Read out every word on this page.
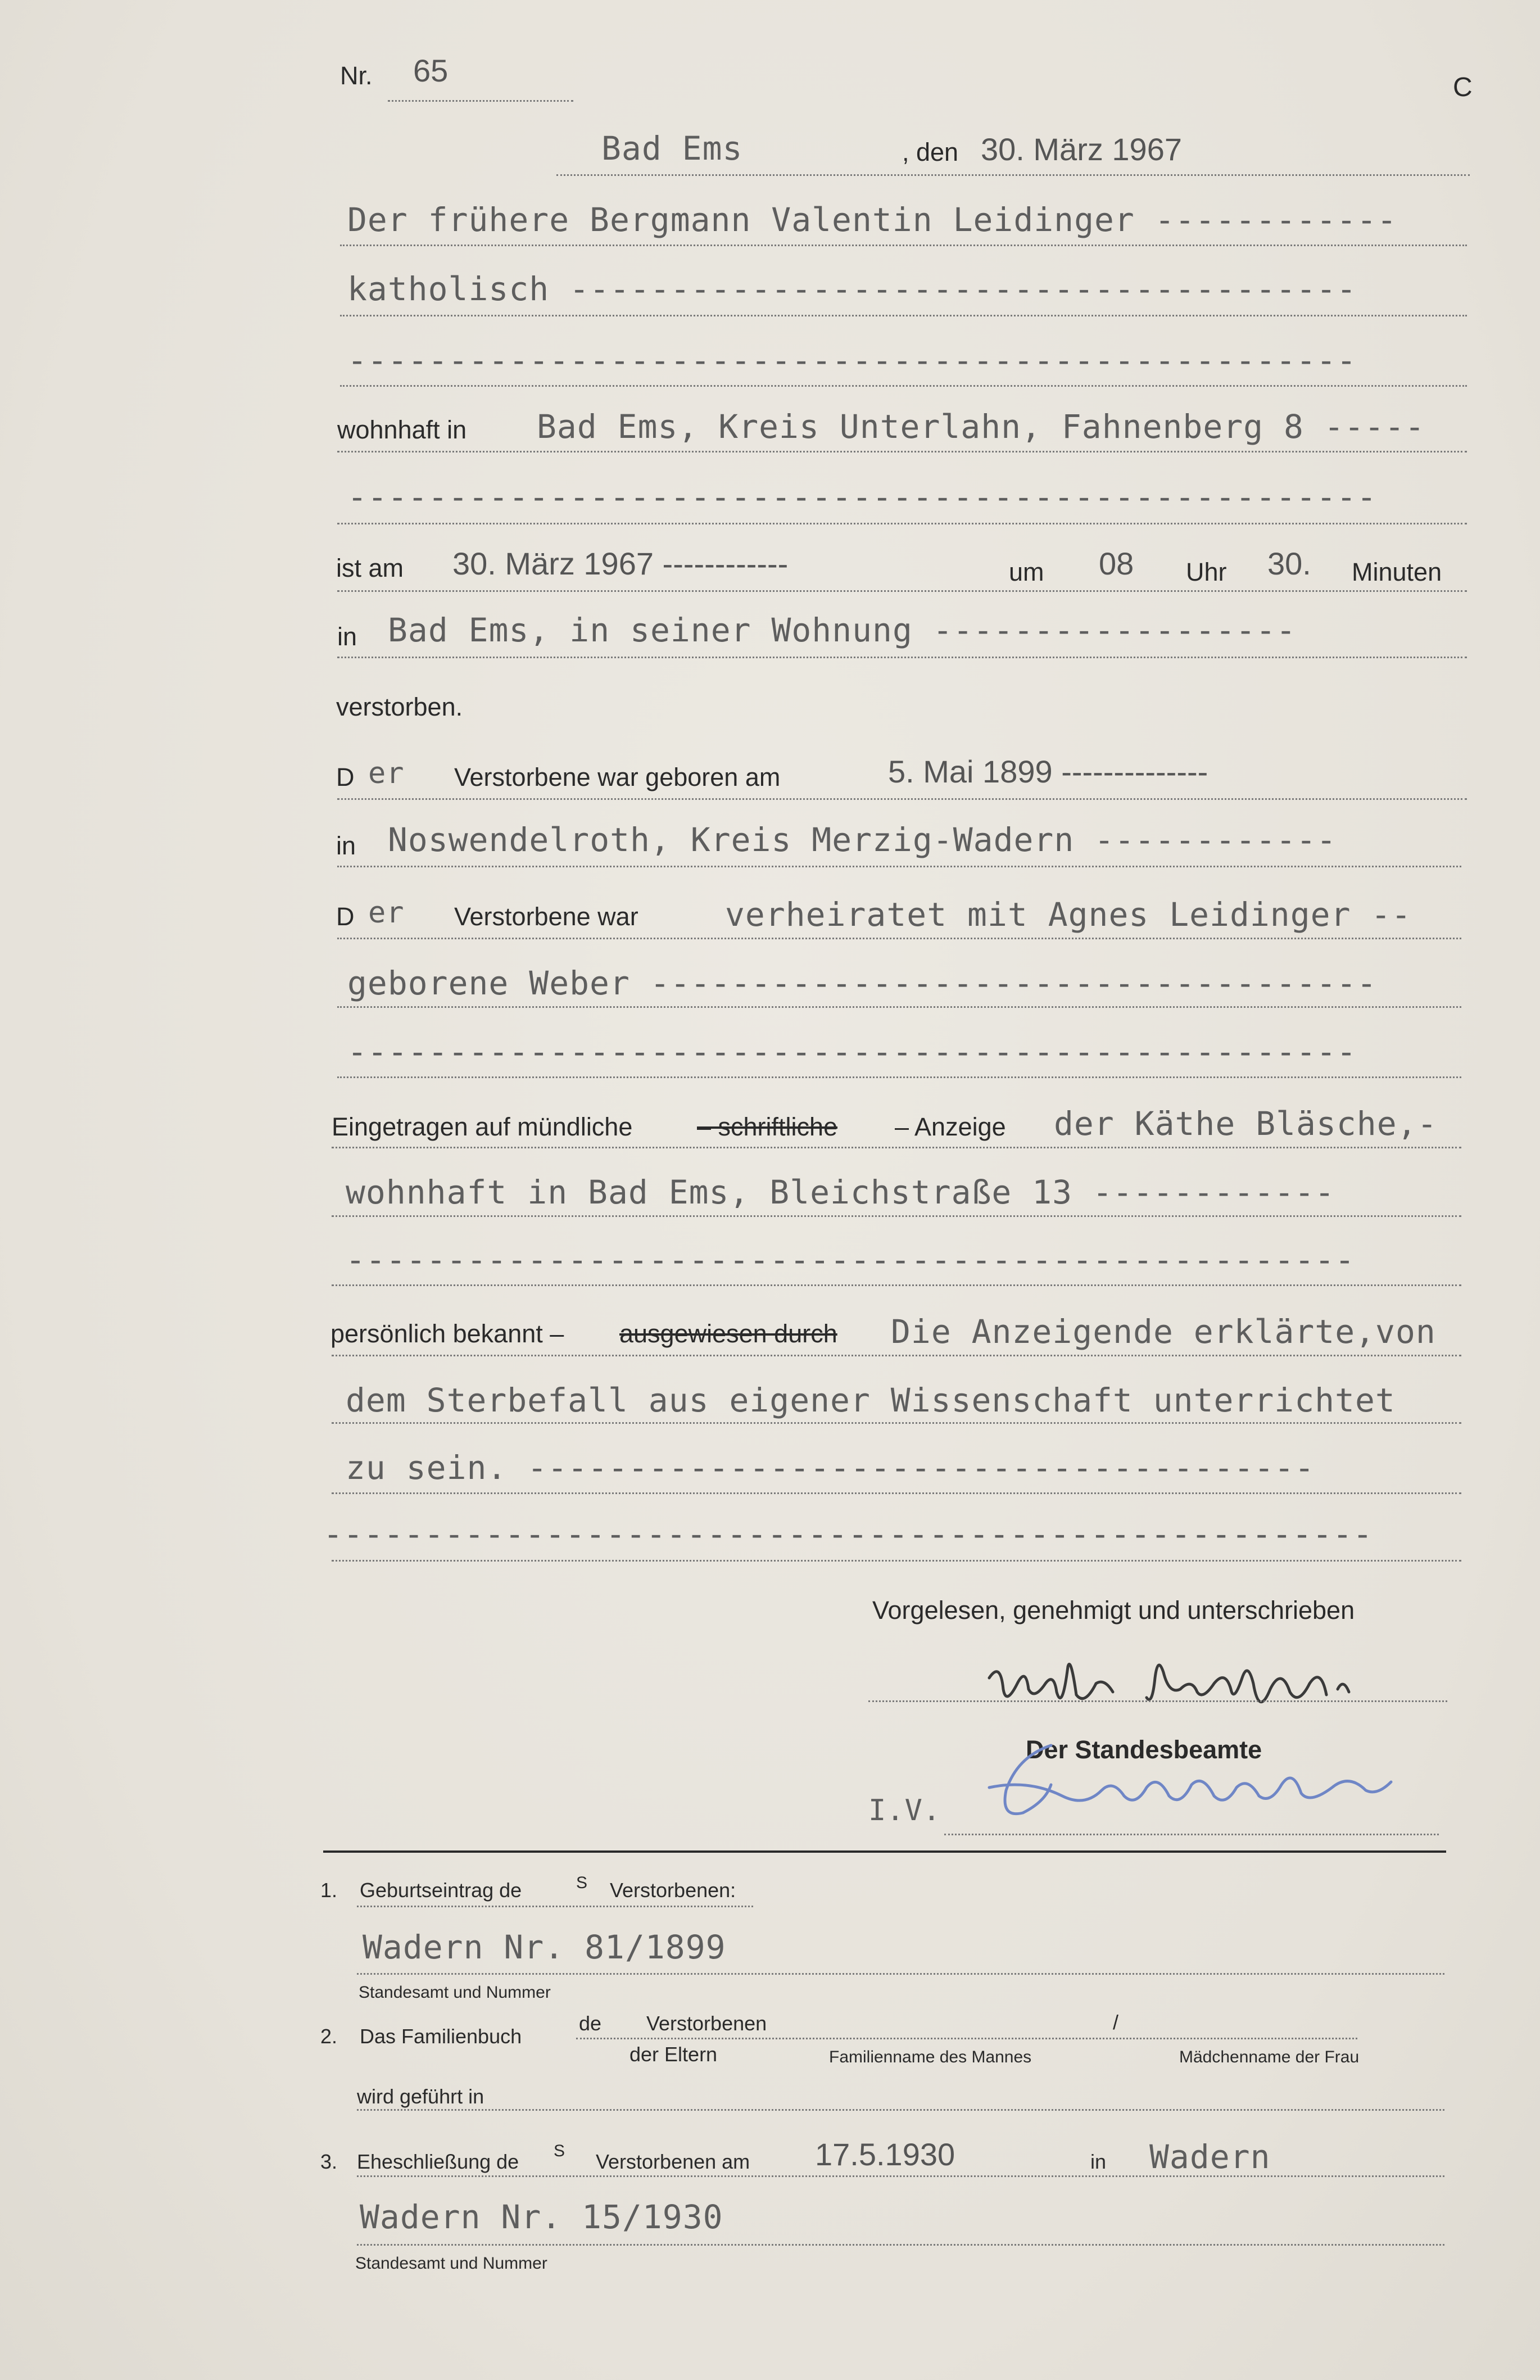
C
Nr. 65
Bad Ems	, den 30. März 1967
Der frühere Bergmann Valentin Leidinger ------------
katholisch ---------------------------------------
--------------------------------------------------
wohnhaft in Bad Ems, Kreis Unterlahn, Fahnenberg 8 -----
---------------------------------------------------
ist am 30. März 1967 ------------	um 08 Uhr 30. Minuten
in Bad Ems, in seiner Wohnung ------------------
verstorben.
D er Verstorbene war geboren am	5. Mai 1899 --------------
in Noswendelroth, Kreis Merzig-Wadern ------------
D er Verstorbene war	verheiratet mit Agnes Leidinger --
geborene Weber ------------------------------------
--------------------------------------------------
Eingetragen auf mündliche	– schriftliche – Anzeige der Käthe Bläsche,-
wohnhaft in Bad Ems, Bleichstraße 13 ------------
--------------------------------------------------
persönlich bekannt – ausgewiesen durch Die Anzeigende erklärte,von
dem Sterbefall aus eigener Wissenschaft unterrichtet
zu sein. ---------------------------------------
----------------------------------------------------
Vorgelesen, genehmigt und unterschrieben
Der Standesbeamte
I.V.
1. Geburtseintrag de	S Verstorbenen:
Wadern Nr. 81/1899
Standesamt und Nummer
2. Das Familienbuch
de Verstorbenen	/
der Eltern	Familienname des Mannes	Mädchenname der Frau
wird geführt in
3. Eheschließung de S Verstorbenen am 17.5.1930	in Wadern
Wadern Nr. 15/1930
Standesamt und Nummer
